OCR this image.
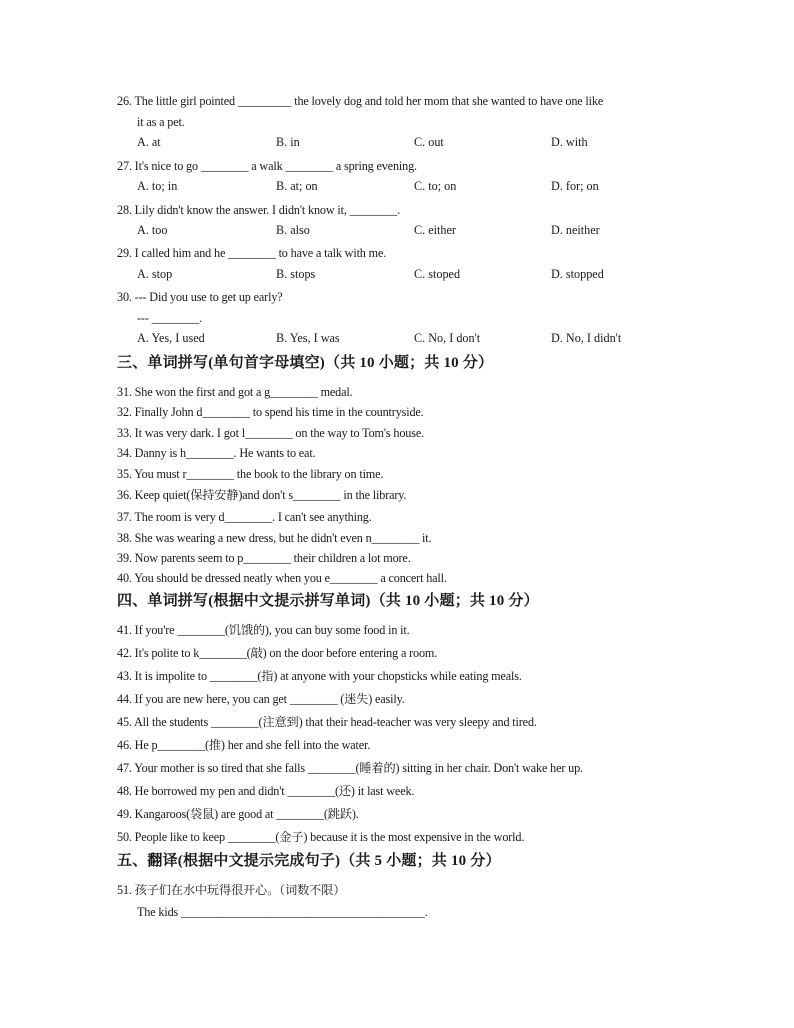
26. The little girl pointed _________ the lovely dog and told her mom that she wanted to have one like
it as a pet.
A. at	B. in	C. out	D. with
27. It's nice to go ________ a walk ________ a spring evening.
A. to; in	B. at; on	C. to; on	D. for; on
28. Lily didn't know the answer. I didn't know it, ________.
A. too	B. also	C. either	D. neither
29. I called him and he ________ to have a talk with me.
A. stop	B. stops	C. stoped	D. stopped
30. --- Did you use to get up early?
--- ________.
A. Yes, I used	B. Yes, I was	C. No, I don't	D. No, I didn't
三、单词拼写(单句首字母填空)（共 10 小题；共 10 分）
31. She won the first and got a g________ medal.
32. Finally John d________ to spend his time in the countryside.
33. It was very dark. I got l________ on the way to Tom's house.
34. Danny is h________. He wants to eat.
35. You must r________ the book to the library on time.
36. Keep quiet(保持安静)and don't s________ in the library.
37. The room is very d________. I can't see anything.
38. She was wearing a new dress, but he didn't even n________ it.
39. Now parents seem to p________ their children a lot more.
40. You should be dressed neatly when you e________ a concert hall.
四、单词拼写(根据中文提示拼写单词)（共 10 小题；共 10 分）
41. If you're ________(饥饿的), you can buy some food in it.
42. It's polite to k________(敲) on the door before entering a room.
43. It is impolite to ________(指) at anyone with your chopsticks while eating meals.
44. If you are new here, you can get ________ (迷失) easily.
45. All the students ________(注意到) that their head-teacher was very sleepy and tired.
46. He p________(推) her and she fell into the water.
47. Your mother is so tired that she falls ________(睡着的) sitting in her chair. Don't wake her up.
48. He borrowed my pen and didn't ________(还) it last week.
49. Kangaroos(袋鼠) are good at ________(跳跃).
50. People like to keep ________(金子) because it is the most expensive in the world.
五、翻译(根据中文提示完成句子)（共 5 小题；共 10 分）
51. 孩子们在水中玩得很开心。（词数不限）
The kids _________________________________________.
